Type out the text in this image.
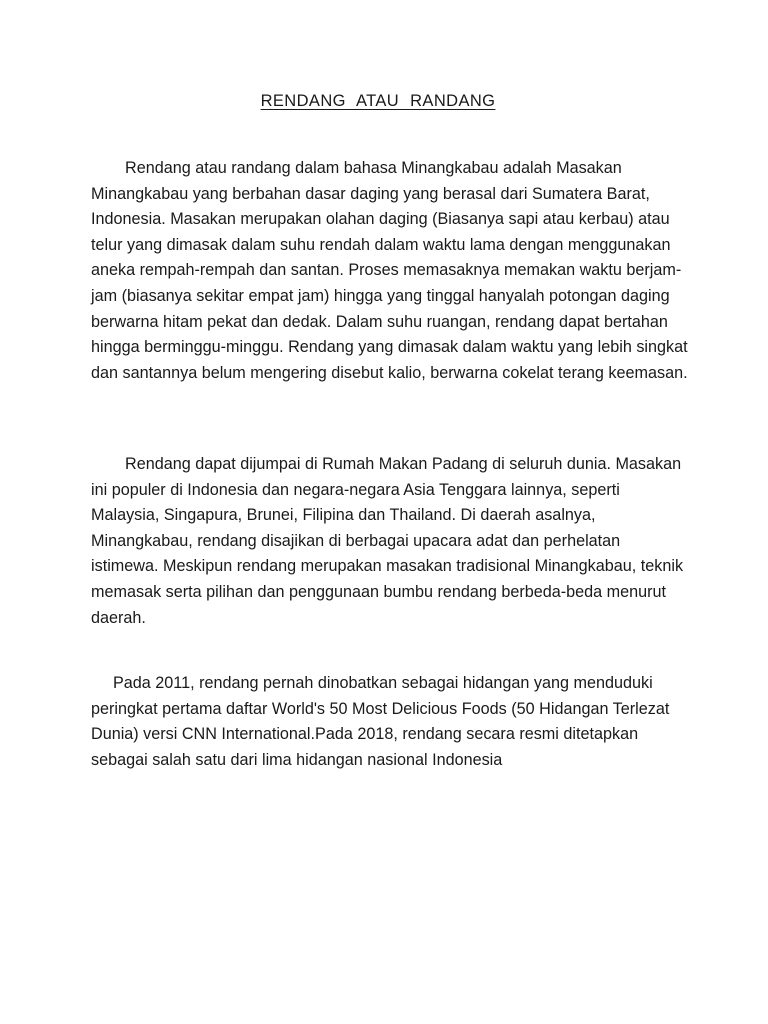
RENDANG ATAU RANDANG

Rendang atau randang dalam bahasa Minangkabau adalah Masakan Minangkabau yang berbahan dasar daging yang berasal dari Sumatera Barat, Indonesia. Masakan merupakan olahan daging (Biasanya sapi atau kerbau) atau telur yang dimasak dalam suhu rendah dalam waktu lama dengan menggunakan aneka rempah-rempah dan santan. Proses memasaknya memakan waktu berjam-jam (biasanya sekitar empat jam) hingga yang tinggal hanyalah potongan daging berwarna hitam pekat dan dedak. Dalam suhu ruangan, rendang dapat bertahan hingga berminggu-minggu. Rendang yang dimasak dalam waktu yang lebih singkat dan santannya belum mengering disebut kalio, berwarna cokelat terang keemasan.

Rendang dapat dijumpai di Rumah Makan Padang di seluruh dunia. Masakan ini populer di Indonesia dan negara-negara Asia Tenggara lainnya, seperti Malaysia, Singapura, Brunei, Filipina dan Thailand. Di daerah asalnya, Minangkabau, rendang disajikan di berbagai upacara adat dan perhelatan istimewa. Meskipun rendang merupakan masakan tradisional Minangkabau, teknik memasak serta pilihan dan penggunaan bumbu rendang berbeda-beda menurut daerah.

Pada 2011, rendang pernah dinobatkan sebagai hidangan yang menduduki peringkat pertama daftar World's 50 Most Delicious Foods (50 Hidangan Terlezat Dunia) versi CNN International.Pada 2018, rendang secara resmi ditetapkan sebagai salah satu dari lima hidangan nasional Indonesia
